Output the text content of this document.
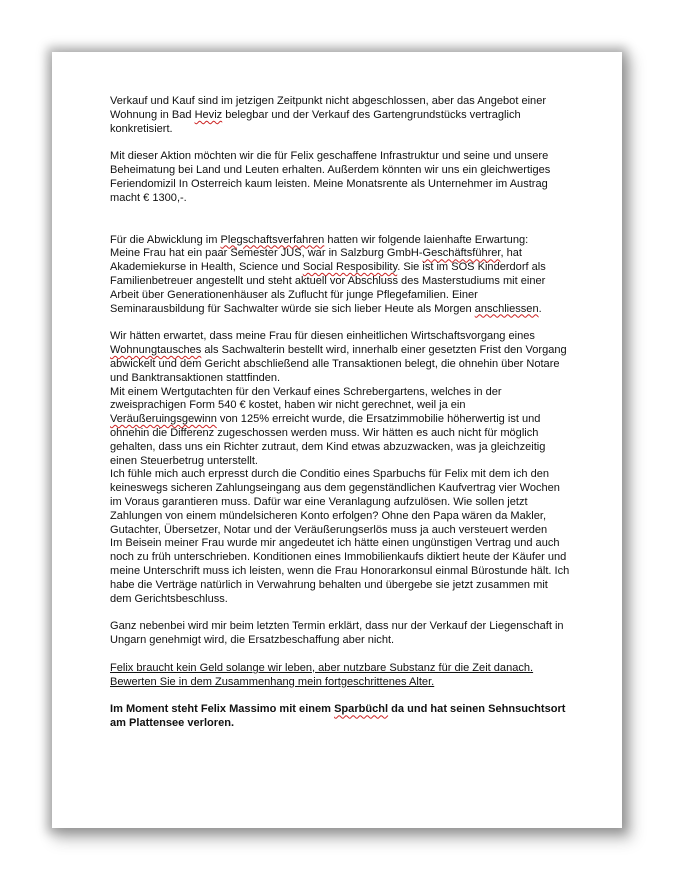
Verkauf und Kauf sind im jetzigen Zeitpunkt nicht abgeschlossen, aber das Angebot einer Wohnung in Bad Heviz belegbar und der Verkauf des Gartengrundstücks vertraglich konkretisiert.

Mit dieser Aktion möchten wir die für Felix geschaffene Infrastruktur und seine und unsere Beheimatung bei Land und Leuten erhalten. Außerdem könnten wir uns ein gleichwertiges Feriendomizil In Osterreich kaum leisten. Meine Monatsrente als Unternehmer im Austrag macht € 1300,-.

Für die Abwicklung im Plegschaftsverfahren hatten wir folgende laienhafte Erwartung:
Meine Frau hat ein paar Semester JUS, war in Salzburg GmbH-Geschäftsführer, hat Akademiekurse in Health, Science und Social Resposibility. Sie ist im SOS Kinderdorf als Familienbetreuer angestellt und steht aktuell vor Abschluss des Masterstudiums mit einer Arbeit über Generationenhäuser als Zuflucht für junge Pflegefamilien. Einer Seminarausbildung für Sachwalter würde sie sich lieber Heute als Morgen anschliessen.

Wir hätten erwartet, dass meine Frau für diesen einheitlichen Wirtschaftsvorgang eines Wohnungtausches als Sachwalterin bestellt wird, innerhalb einer gesetzten Frist den Vorgang abwickelt und dem Gericht abschließend alle Transaktionen belegt, die ohnehin über Notare und Banktransaktionen stattfinden.
Mit einem Wertgutachten für den Verkauf eines Schrebergartens, welches in der zweisprachigen Form 540 € kostet, haben wir nicht gerechnet, weil ja ein Veräußeruingsgewinn von 125% erreicht wurde, die Ersatzimmobilie höherwertig ist und ohnehin die Differenz zugeschossen werden muss. Wir hätten es auch nicht für möglich gehalten, dass uns ein Richter zutraut, dem Kind etwas abzuzwacken, was ja gleichzeitig einen Steuerbetrug unterstellt.
Ich fühle mich auch erpresst durch die Conditio eines Sparbuchs für Felix mit dem ich den keineswegs sicheren Zahlungseingang aus dem gegenständlichen Kaufvertrag vier Wochen im Voraus garantieren muss. Dafür war eine Veranlagung aufzulösen. Wie sollen jetzt Zahlungen von einem mündelsicheren Konto erfolgen? Ohne den Papa wären da Makler, Gutachter, Übersetzer, Notar und der Veräußerungserlös muss ja auch versteuert werden
Im Beisein meiner Frau wurde mir angedeutet ich hätte einen ungünstigen Vertrag und auch noch zu früh unterschrieben. Konditionen eines Immobilienkaufs diktiert heute der Käufer und meine Unterschrift muss ich leisten, wenn die Frau Honorarkonsul einmal Bürostunde hält. Ich habe die Verträge natürlich in Verwahrung behalten und übergebe sie jetzt zusammen mit dem Gerichtsbeschluss.

Ganz nebenbei wird mir beim letzten Termin erklärt, dass nur der Verkauf der Liegenschaft in Ungarn genehmigt wird, die Ersatzbeschaffung aber nicht.

Felix braucht kein Geld solange wir leben, aber nutzbare Substanz für die Zeit danach. Bewerten Sie in dem Zusammenhang mein fortgeschrittenes Alter.

Im Moment steht Felix Massimo mit einem Sparbüchl da und hat seinen Sehnsuchtsort am Plattensee verloren.
